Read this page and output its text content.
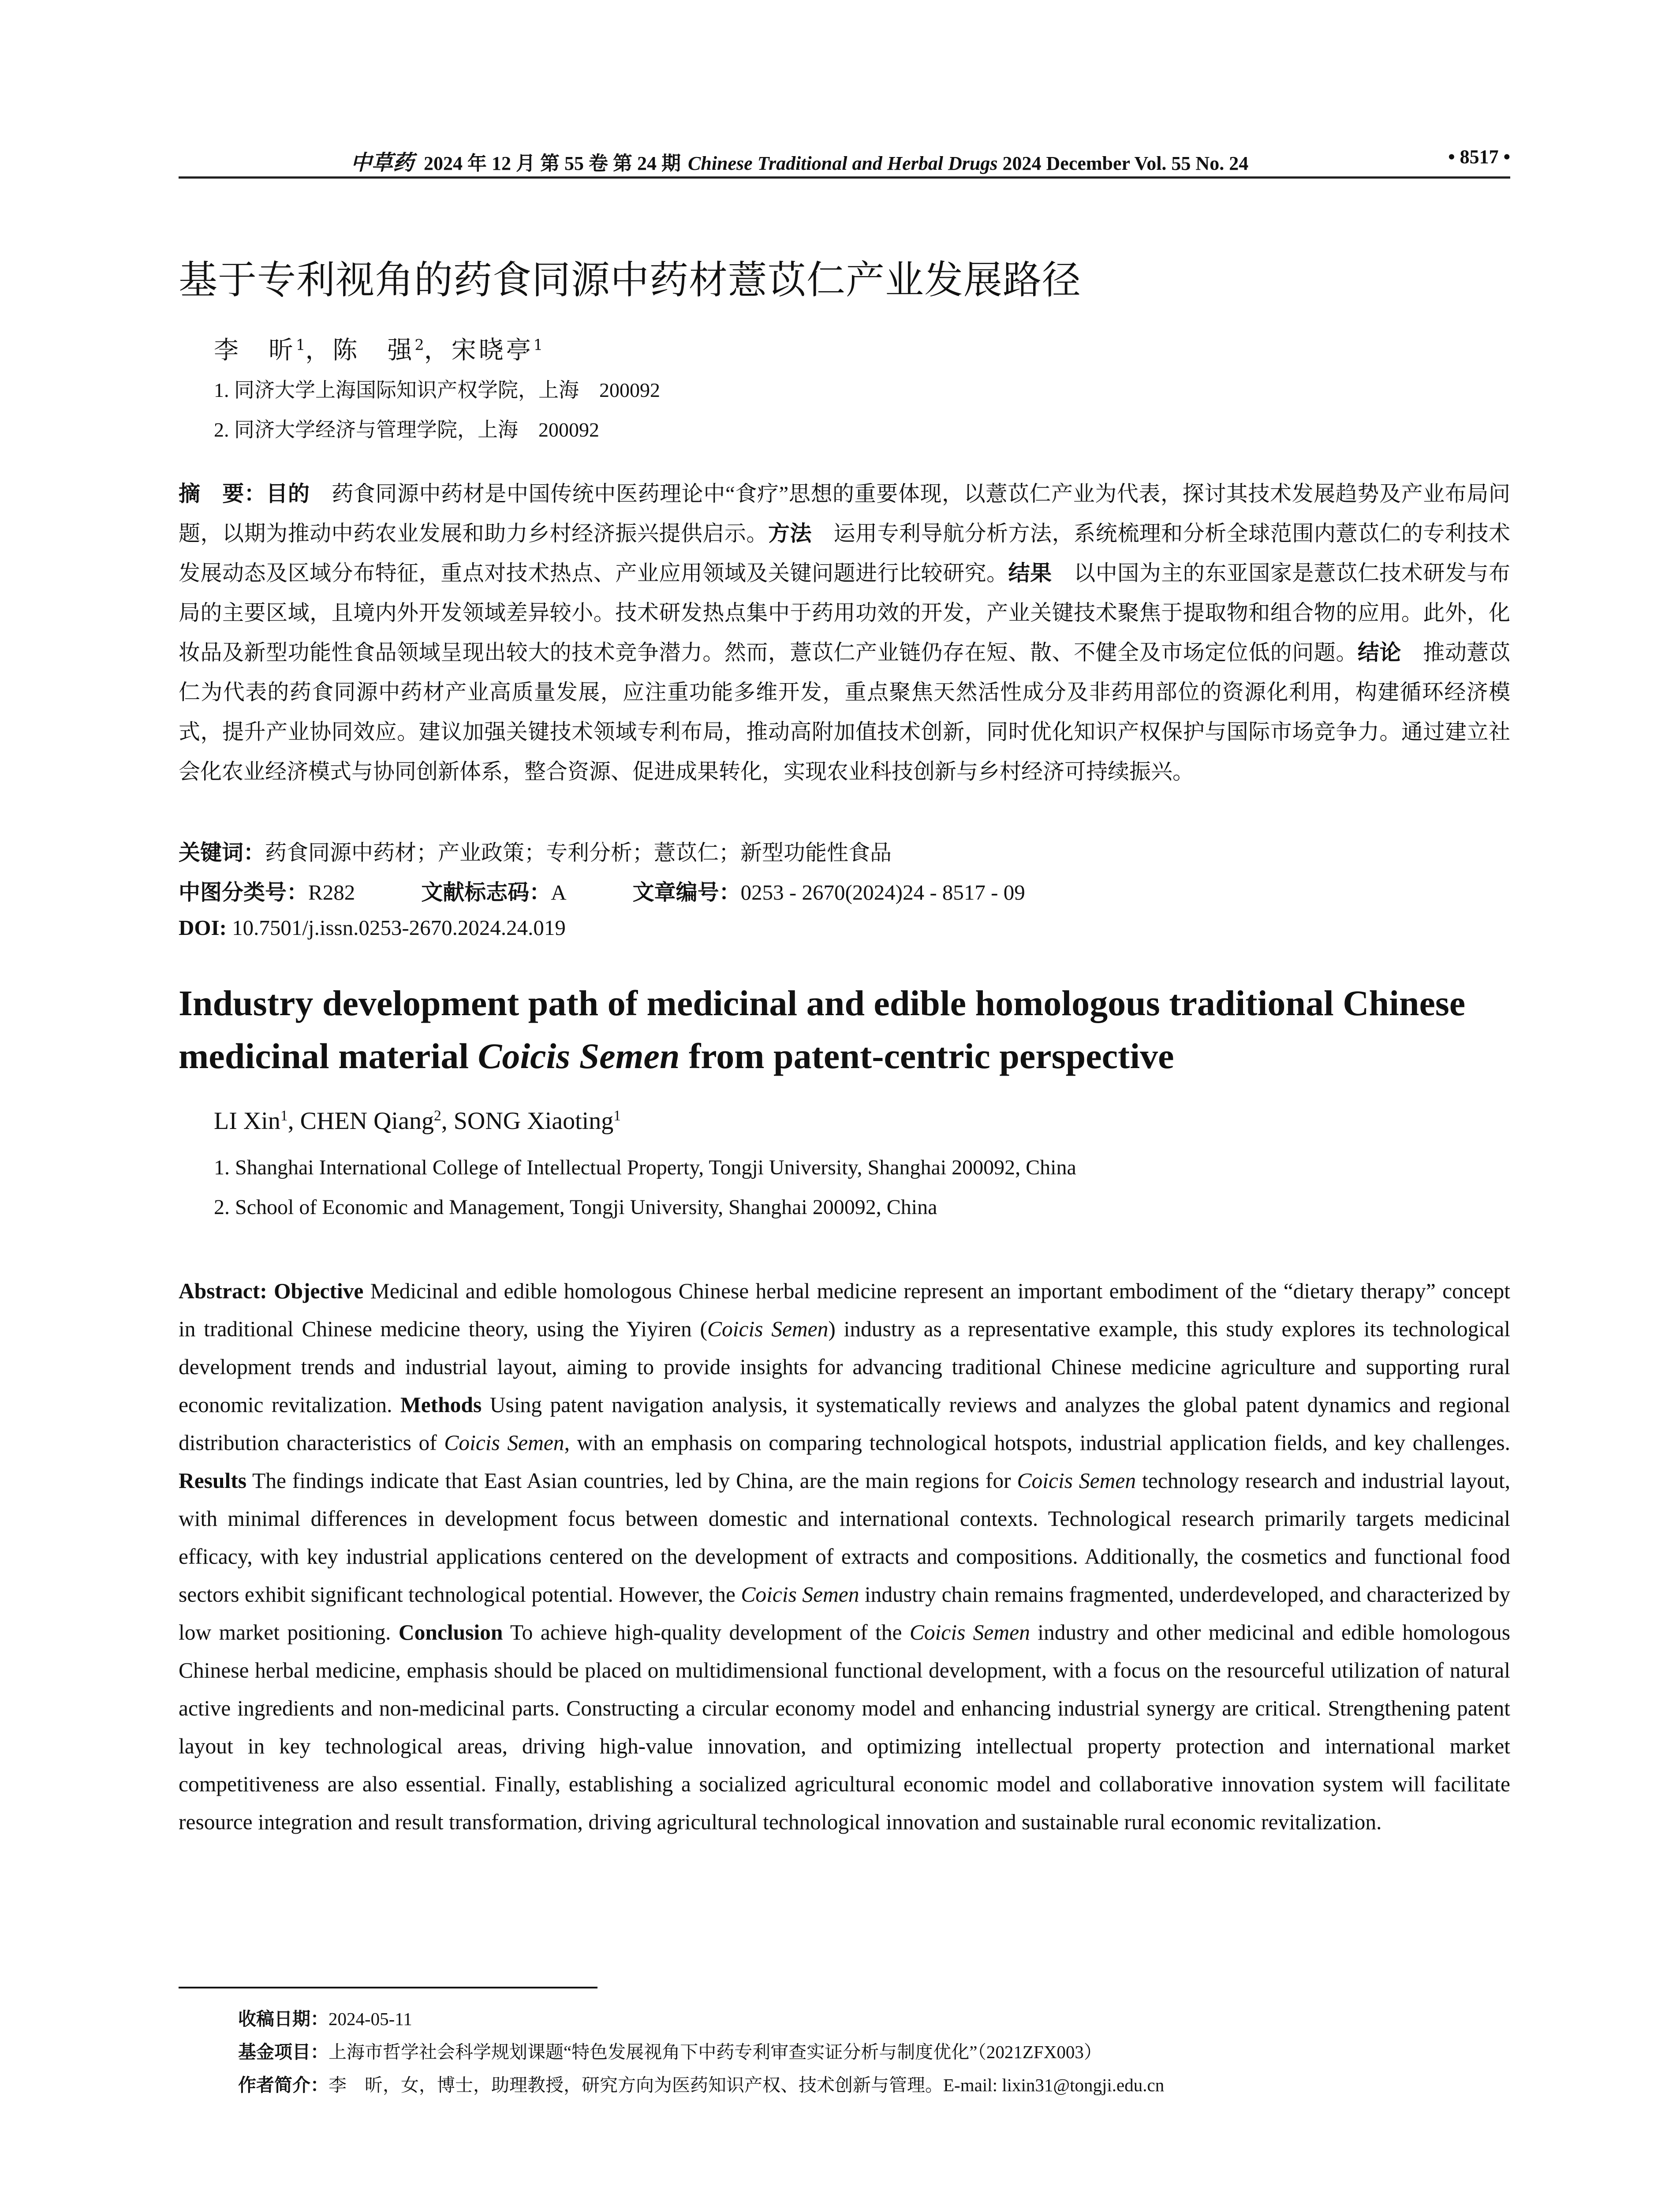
中草药 2024 年 12 月 第 55 卷 第 24 期 Chinese Traditional and Herbal Drugs 2024 December Vol. 55 No. 24	• 8517 •
基于专利视角的药食同源中药材薏苡仁产业发展路径
李　昕$^1$，陈　强$^2$，宋晓亭$^1$
1. 同济大学上海国际知识产权学院，上海　200092
2. 同济大学经济与管理学院，上海　200092
摘　要：目的　药食同源中药材是中国传统中医药理论中“食疗”思想的重要体现，以薏苡仁产业为代表，探讨其技术发展趋势及产业布局问题，以期为推动中药农业发展和助力乡村经济振兴提供启示。方法　运用专利导航分析方法，系统梳理和分析全球范围内薏苡仁的专利技术发展动态及区域分布特征，重点对技术热点、产业应用领域及关键问题进行比较研究。结果　以中国为主的东亚国家是薏苡仁技术研发与布局的主要区域，且境内外开发领域差异较小。技术研发热点集中于药用功效的开发，产业关键技术聚焦于提取物和组合物的应用。此外，化妆品及新型功能性食品领域呈现出较大的技术竞争潜力。然而，薏苡仁产业链仍存在短、散、不健全及市场定位低的问题。结论　推动薏苡仁为代表的药食同源中药材产业高质量发展，应注重功能多维开发，重点聚焦天然活性成分及非药用部位的资源化利用，构建循环经济模式，提升产业协同效应。建议加强关键技术领域专利布局，推动高附加值技术创新，同时优化知识产权保护与国际市场竞争力。通过建立社会化农业经济模式与协同创新体系，整合资源、促进成果转化，实现农业科技创新与乡村经济可持续振兴。
关键词：药食同源中药材；产业政策；专利分析；薏苡仁；新型功能性食品
中图分类号：R282	文献标志码：A	文章编号：0253 - 2670(2024)24 - 8517 - 09
DOI: 10.7501/j.issn.0253-2670.2024.24.019
Industry development path of medicinal and edible homologous traditional Chinese medicinal material Coicis Semen from patent-centric perspective
LI Xin$^1$, CHEN Qiang$^2$, SONG Xiaoting$^1$
1. Shanghai International College of Intellectual Property, Tongji University, Shanghai 200092, China
2. School of Economic and Management, Tongji University, Shanghai 200092, China
Abstract: Objective Medicinal and edible homologous Chinese herbal medicine represent an important embodiment of the “dietary therapy” concept in traditional Chinese medicine theory, using the Yiyiren (Coicis Semen) industry as a representative example, this study explores its technological development trends and industrial layout, aiming to provide insights for advancing traditional Chinese medicine agriculture and supporting rural economic revitalization. Methods Using patent navigation analysis, it systematically reviews and analyzes the global patent dynamics and regional distribution characteristics of Coicis Semen, with an emphasis on comparing technological hotspots, industrial application fields, and key challenges. Results The findings indicate that East Asian countries, led by China, are the main regions for Coicis Semen technology research and industrial layout, with minimal differences in development focus between domestic and international contexts. Technological research primarily targets medicinal efficacy, with key industrial applications centered on the development of extracts and compositions. Additionally, the cosmetics and functional food sectors exhibit significant technological potential. However, the Coicis Semen industry chain remains fragmented, underdeveloped, and characterized by low market positioning. Conclusion To achieve high-quality development of the Coicis Semen industry and other medicinal and edible homologous Chinese herbal medicine, emphasis should be placed on multidimensional functional development, with a focus on the resourceful utilization of natural active ingredients and non-medicinal parts. Constructing a circular economy model and enhancing industrial synergy are critical. Strengthening patent layout in key technological areas, driving high-value innovation, and optimizing intellectual property protection and international market competitiveness are also essential. Finally, establishing a socialized agricultural economic model and collaborative innovation system will facilitate resource integration and result transformation, driving agricultural technological innovation and sustainable rural economic revitalization.
收稿日期：2024-05-11
基金项目：上海市哲学社会科学规划课题“特色发展视角下中药专利审查实证分析与制度优化”（2021ZFX003）
作者简介：李　昕，女，博士，助理教授，研究方向为医药知识产权、技术创新与管理。E-mail: lixin31@tongji.edu.cn
